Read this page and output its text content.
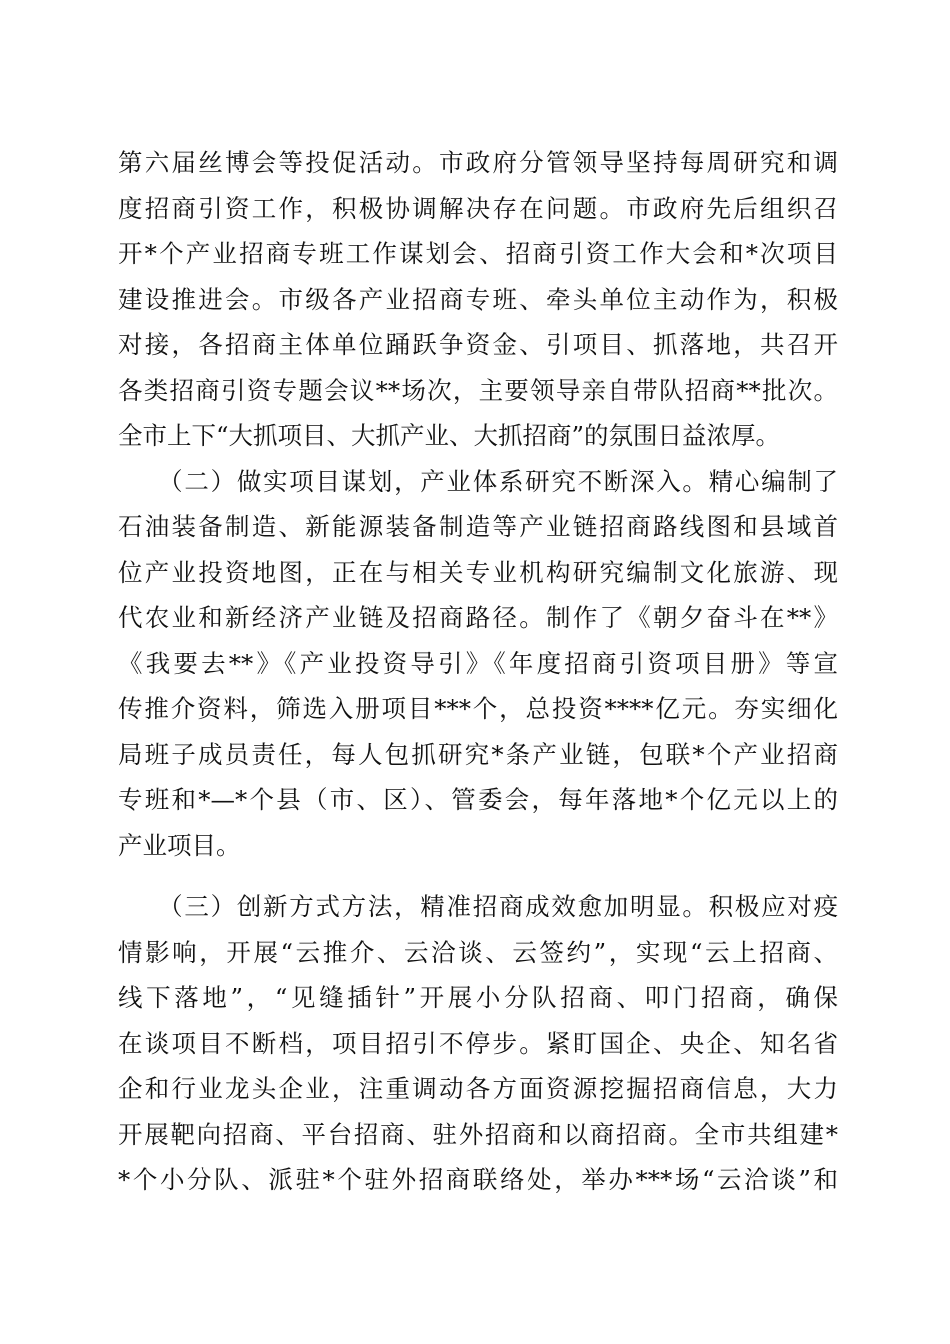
第六届丝博会等投促活动。市政府分管领导坚持每周研究和调
度招商引资工作，积极协调解决存在问题。市政府先后组织召
开*个产业招商专班工作谋划会、招商引资工作大会和*次项目
建设推进会。市级各产业招商专班、牵头单位主动作为，积极
对接，各招商主体单位踊跃争资金、引项目、抓落地，共召开
各类招商引资专题会议**场次，主要领导亲自带队招商**批次。
全市上下“大抓项目、大抓产业、大抓招商”的氛围日益浓厚。
　　（二）做实项目谋划，产业体系研究不断深入。精心编制了
石油装备制造、新能源装备制造等产业链招商路线图和县域首
位产业投资地图，正在与相关专业机构研究编制文化旅游、现
代农业和新经济产业链及招商路径。制作了《朝夕奋斗在**》
《我要去**》《产业投资导引》《年度招商引资项目册》等宣
传推介资料，筛选入册项目***个，总投资****亿元。夯实细化
局班子成员责任，每人包抓研究*条产业链，包联*个产业招商
专班和*—*个县（市、区）、管委会，每年落地*个亿元以上的
产业项目。
　　（三）创新方式方法，精准招商成效愈加明显。积极应对疫
情影响，开展“云推介、云洽谈、云签约”，实现“云上招商、
线下落地”，“见缝插针”开展小分队招商、叩门招商，确保
在谈项目不断档，项目招引不停步。紧盯国企、央企、知名省
企和行业龙头企业，注重调动各方面资源挖掘招商信息，大力
开展靶向招商、平台招商、驻外招商和以商招商。全市共组建*
*个小分队、派驻*个驻外招商联络处，举办***场“云洽谈”和
